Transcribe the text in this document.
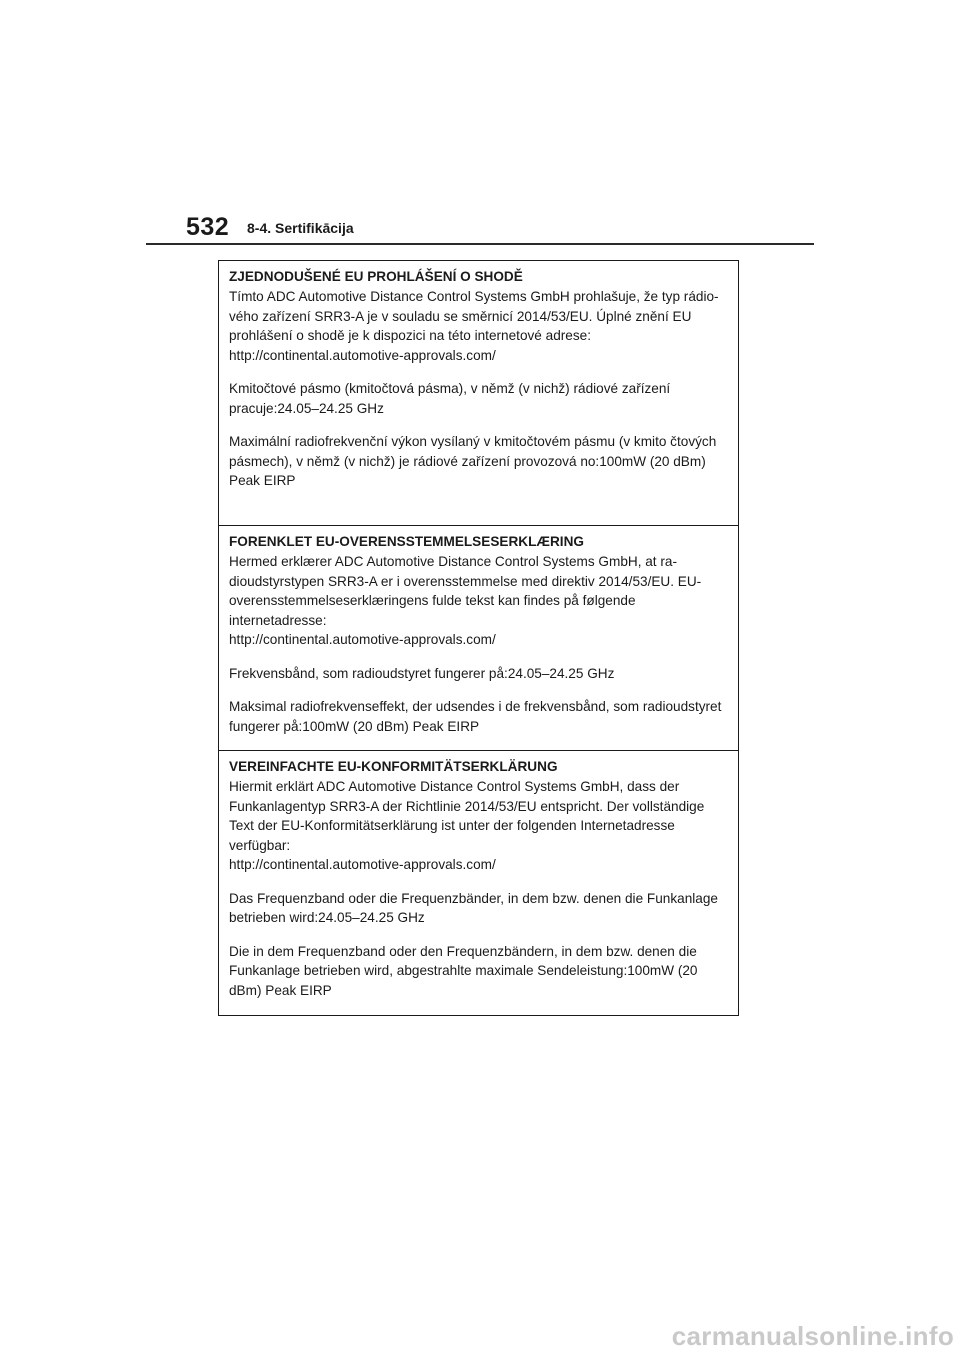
532 8-4. Sertifikācija

ZJEDNODUŠENÉ EU PROHLÁŠENÍ O SHODĚ

Tímto ADC Automotive Distance Control Systems GmbH prohlašuje, že typ rádio-vého zařízení SRR3-A je v souladu se směrnicí 2014/53/EU. Úplné znění EU prohlášení o shodě je k dispozici na této internetové adrese:

http://continental.automotive-approvals.com/

Kmitočtové pásmo (kmitočtová pásma), v němž (v nichž) rádiové zařízení pracuje:24.05–24.25 GHz

Maximální radiofrekvenční výkon vysílaný v kmitočtovém pásmu (v kmito čtových pásmech), v němž (v nichž) je rádiové zařízení provozová no:100mW (20 dBm) Peak EIRP

FORENKLET EU-OVERENSSTEMMELSESERKLÆRING

Hermed erklærer ADC Automotive Distance Control Systems GmbH, at ra-dioudstyrstypen SRR3-A er i overensstemmelse med direktiv 2014/53/EU. EU-overensstemmelseserklæringens fulde tekst kan findes på følgende internetadresse:

http://continental.automotive-approvals.com/

Frekvensbånd, som radioudstyret fungerer på:24.05–24.25 GHz

Maksimal radiofrekvenseffekt, der udsendes i de frekvensbånd, som radioudstyret fungerer på:100mW (20 dBm) Peak EIRP

VEREINFACHTE EU-KONFORMITÄTSERKLÄRUNG

Hiermit erklärt ADC Automotive Distance Control Systems GmbH, dass der Funkanlagentyp SRR3-A der Richtlinie 2014/53/EU entspricht. Der vollständige Text der EU-Konformitätserklärung ist unter der folgenden Internetadresse verfügbar:

http://continental.automotive-approvals.com/

Das Frequenzband oder die Frequenzbänder, in dem bzw. denen die Funkanlage betrieben wird:24.05–24.25 GHz

Die in dem Frequenzband oder den Frequenzbändern, in dem bzw. denen die Funkanlage betrieben wird, abgestrahlte maximale Sendeleistung:100mW (20 dBm) Peak EIRP

carmanualsonline.info
